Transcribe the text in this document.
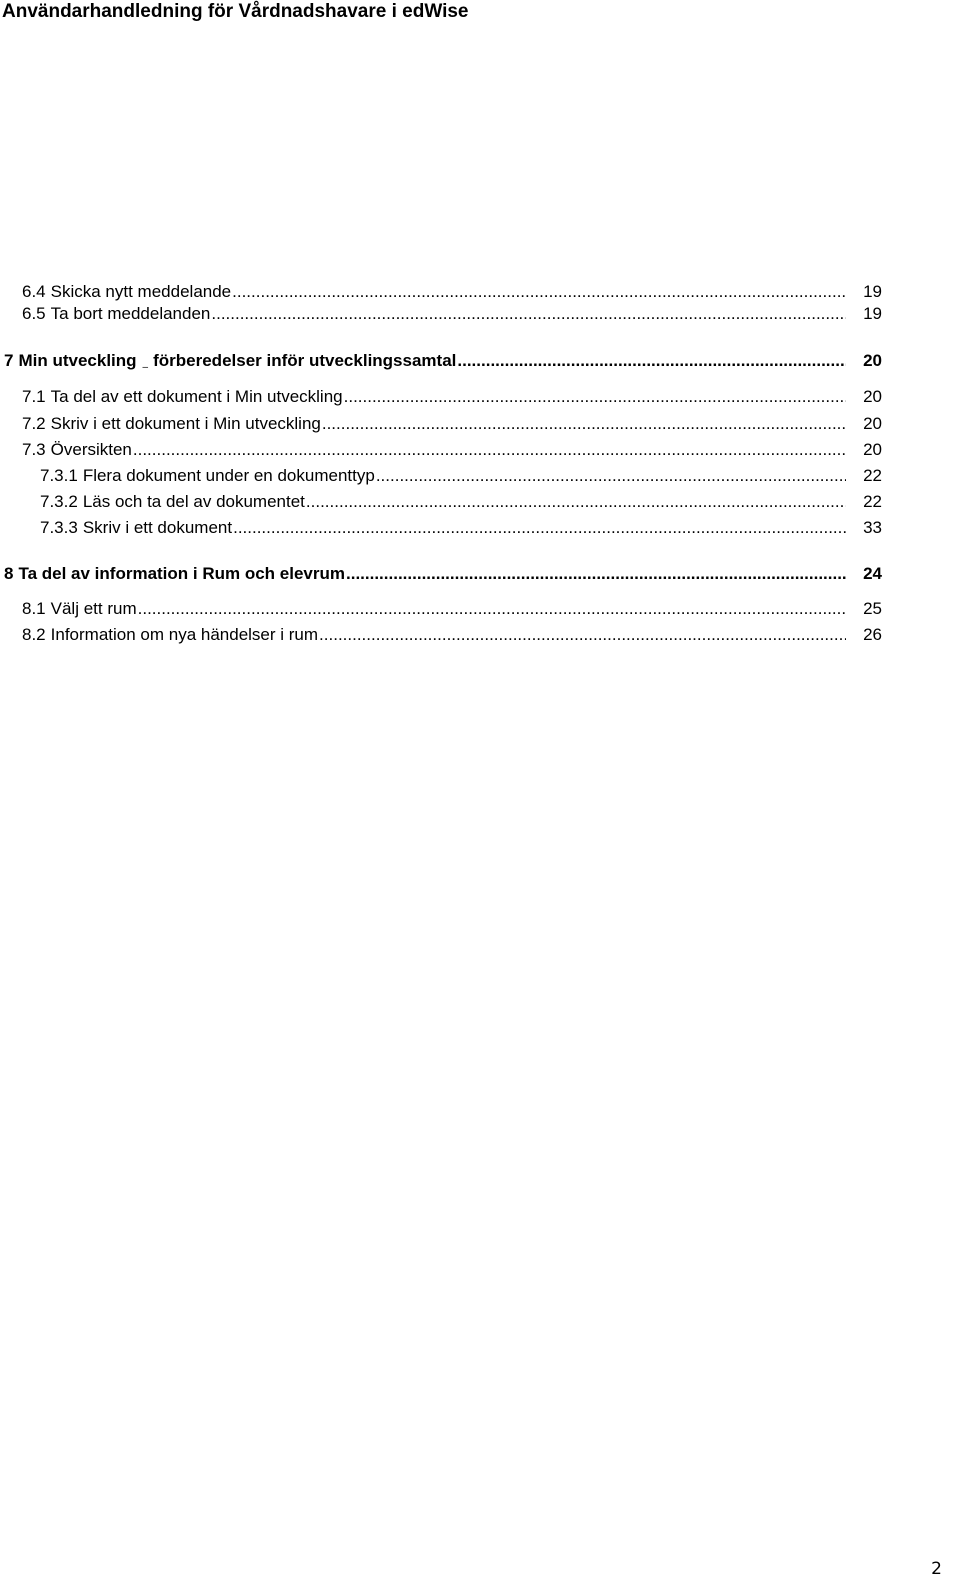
Användarhandledning för Vårdnadshavare i edWise
6.4 Skicka nytt meddelande .....	19
6.5 Ta bort meddelanden .....	19
7 Min utveckling – förberedelser inför utvecklingssamtal .....	20
7.1 Ta del av ett dokument i Min utveckling .....	20
7.2 Skriv i ett dokument i Min utveckling .....	20
7.3 Översikten .....	20
7.3.1 Flera dokument under en dokumenttyp .....	22
7.3.2 Läs och ta del av dokumentet .....	22
7.3.3 Skriv i ett dokument .....	33
8 Ta del av information i Rum och elevrum .....	24
8.1 Välj ett rum .....	25
8.2 Information om nya händelser i rum .....	26
2
